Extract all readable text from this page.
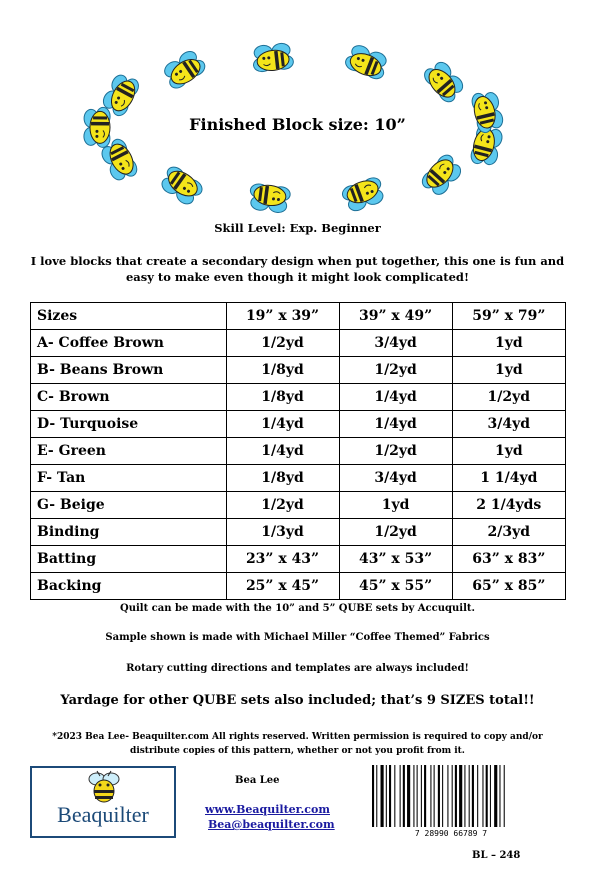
Finished Block size: 10”
Skill Level: Exp. Beginner
I love blocks that create a secondary design when put together, this one is fun and easy to make even though it might look complicated!
Sizes	19” x 39”	39” x 49”	59” x 79”
A- Coffee Brown	1/2yd	3/4yd	1yd
B- Beans Brown	1/8yd	1/2yd	1yd
C- Brown	1/8yd	1/4yd	1/2yd
D- Turquoise	1/4yd	1/4yd	3/4yd
E- Green	1/4yd	1/2yd	1yd
F- Tan	1/8yd	3/4yd	1 1/4yd
G- Beige	1/2yd	1yd	2 1/4yds
Binding	1/3yd	1/2yd	2/3yd
Batting	23” x 43”	43” x 53”	63” x 83”
Backing	25” x 45”	45” x 55”	65” x 85”
Quilt can be made with the 10” and 5” QUBE sets by Accuquilt.
Sample shown is made with Michael Miller “Coffee Themed” Fabrics
Rotary cutting directions and templates are always included!
Yardage for other QUBE sets also included; that’s 9 SIZES total!!
*2023 Bea Lee- Beaquilter.com All rights reserved. Written permission is required to copy and/or distribute copies of this pattern, whether or not you profit from it.
Beaquilter
Bea Lee
www.Beaquilter.com
Bea@beaquilter.com
7 28990 66789 7
BL – 248
